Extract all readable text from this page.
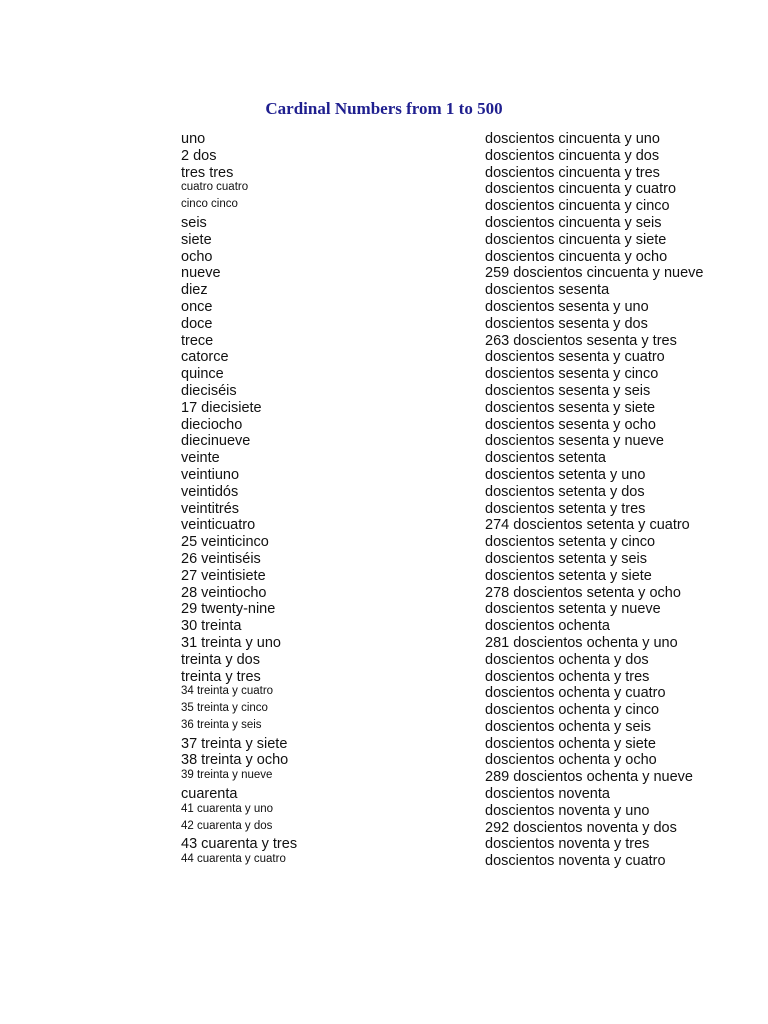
Cardinal Numbers from 1 to 500
uno
2 dos
tres tres
cuatro cuatro
cinco cinco
seis
siete
ocho
nueve
diez
once
doce
trece
catorce
quince
dieciséis
17 diecisiete
dieciocho
diecinueve
veinte
veintiuno
veintidós
veintitrés
veinticuatro
25 veinticinco
26 veintiséis
27 veintisiete
28 veintiocho
29 twenty-nine
30 treinta
31 treinta y uno
treinta y dos
treinta y tres
34 treinta y cuatro
35 treinta y cinco
36 treinta y seis
37 treinta y siete
38 treinta y ocho
39 treinta y nueve
cuarenta
41 cuarenta y uno
42 cuarenta y dos
43 cuarenta y tres
44 cuarenta y cuatro
doscientos cincuenta y uno
doscientos cincuenta y dos
doscientos cincuenta y tres
doscientos cincuenta y cuatro
doscientos cincuenta y cinco
doscientos cincuenta y seis
doscientos cincuenta y siete
doscientos cincuenta y ocho
259 doscientos cincuenta y nueve
doscientos sesenta
doscientos sesenta y uno
doscientos sesenta y dos
263 doscientos sesenta y tres
doscientos sesenta y cuatro
doscientos sesenta y cinco
doscientos sesenta y seis
doscientos sesenta y siete
doscientos sesenta y ocho
doscientos sesenta y nueve
doscientos setenta
doscientos setenta y uno
doscientos setenta y dos
doscientos setenta y tres
274 doscientos setenta y cuatro
doscientos setenta y cinco
doscientos setenta y seis
doscientos setenta y siete
278 doscientos setenta y ocho
doscientos setenta y nueve
doscientos ochenta
281 doscientos ochenta y uno
doscientos ochenta y dos
doscientos ochenta y tres
doscientos ochenta y cuatro
doscientos ochenta y cinco
doscientos ochenta y seis
doscientos ochenta y siete
doscientos ochenta y ocho
289 doscientos ochenta y nueve
doscientos noventa
doscientos noventa y uno
292 doscientos noventa y dos
doscientos noventa y tres
doscientos noventa y cuatro
